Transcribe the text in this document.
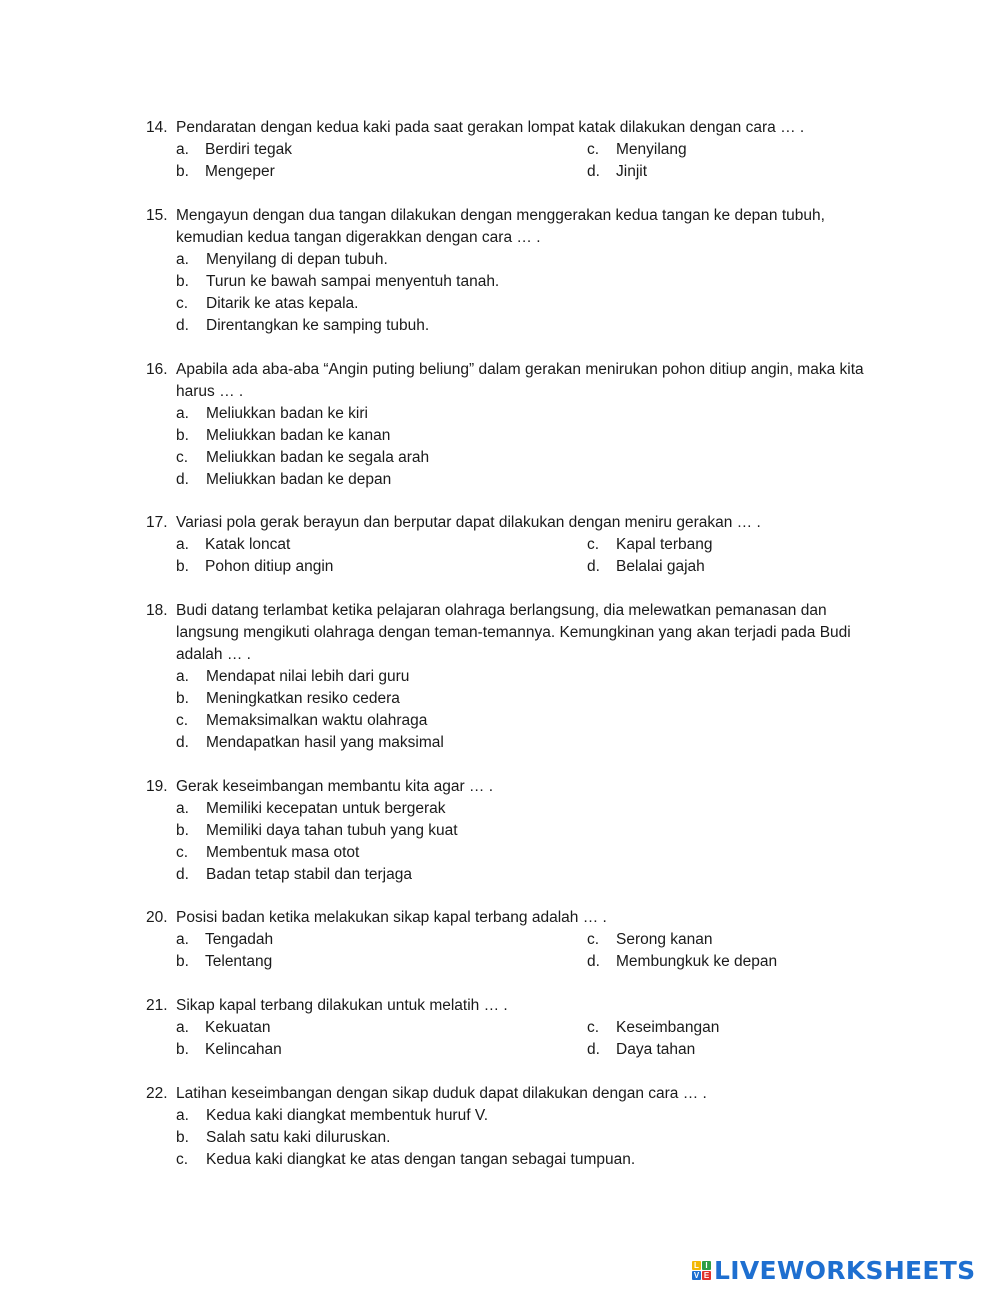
14. Pendaratan dengan kedua kaki pada saat gerakan lompat katak dilakukan dengan cara … .
a.	Berdiri tegak
b.	Mengeper
c.	Menyilang
d.	Jinjit
15. Mengayun dengan dua tangan dilakukan dengan menggerakan kedua tangan ke depan tubuh, kemudian kedua tangan digerakkan dengan cara … .
a.	Menyilang di depan tubuh.
b.	Turun ke bawah sampai menyentuh tanah.
c.	Ditarik ke atas kepala.
d.	Direntangkan ke samping tubuh.
16. Apabila ada aba-aba “Angin puting beliung” dalam gerakan menirukan pohon ditiup angin, maka kita harus … .
a.	Meliukkan badan ke kiri
b.	Meliukkan badan ke kanan
c.	Meliukkan badan ke segala arah
d.	Meliukkan badan ke depan
17. Variasi pola gerak berayun dan berputar dapat dilakukan dengan meniru gerakan … .
a.	Katak loncat
b.	Pohon ditiup angin
c.	Kapal terbang
d.	Belalai gajah
18. Budi datang terlambat ketika pelajaran olahraga berlangsung, dia melewatkan pemanasan dan langsung mengikuti olahraga dengan teman-temannya. Kemungkinan yang akan terjadi pada Budi adalah … .
a.	Mendapat nilai lebih dari guru
b.	Meningkatkan resiko cedera
c.	Memaksimalkan waktu olahraga
d.	Mendapatkan hasil yang maksimal
19. Gerak keseimbangan membantu kita agar … .
a.	Memiliki kecepatan untuk bergerak
b.	Memiliki daya tahan tubuh yang kuat
c.	Membentuk masa otot
d.	Badan tetap stabil dan terjaga
20. Posisi badan ketika melakukan sikap kapal terbang adalah … .
a.	Tengadah
b.	Telentang
c.	Serong kanan
d.	Membungkuk ke depan
21. Sikap kapal terbang dilakukan untuk melatih … .
a.	Kekuatan
b.	Kelincahan
c.	Keseimbangan
d.	Daya tahan
22. Latihan keseimbangan dengan sikap duduk dapat dilakukan dengan cara … .
a.	Kedua kaki diangkat membentuk huruf V.
b.	Salah satu kaki diluruskan.
c.	Kedua kaki diangkat ke atas dengan tangan sebagai tumpuan.
L I
V E LIVEWORKSHEETS
